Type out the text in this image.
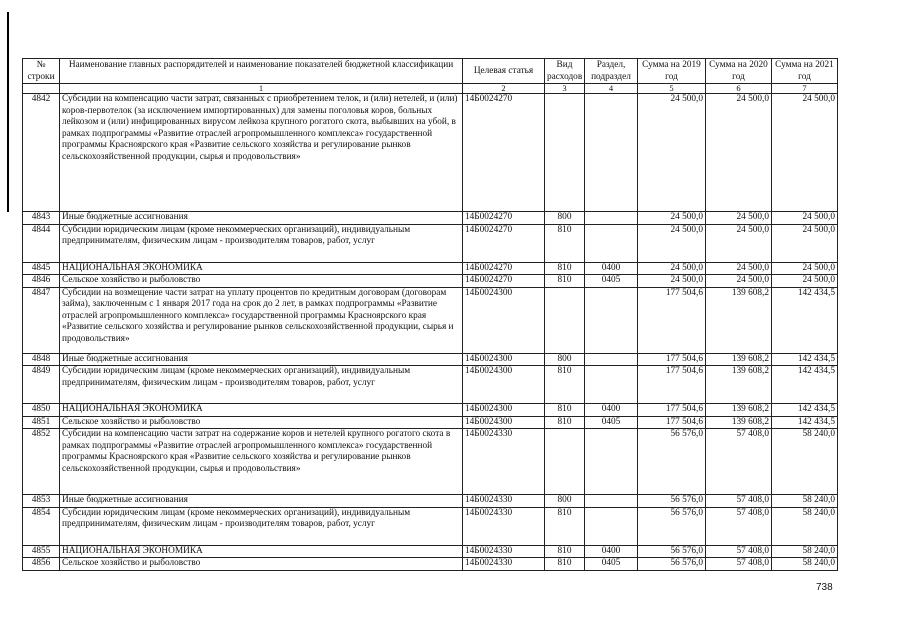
№ строки	Наименование главных распорядителей и наименование показателей бюджетной классификации	Целевая статья	Вид расходов	Раздел, подраздел	Сумма на 2019 год	Сумма на 2020 год	Сумма на 2021 год
	1	2	3	4	5	6	7
4842	Субсидии на компенсацию части затрат, связанных с приобретением телок, и (или) нетелей, и (или) коров-первотелок (за исключением импортированных) для замены поголовья коров, больных лейкозом и (или) инфицированных вирусом лейкоза крупного рогатого скота, выбывших на убой, в рамках подпрограммы «Развитие отраслей агропромышленного комплекса» государственной программы Красноярского края «Развитие сельского хозяйства и регулирование рынков сельскохозяйственной продукции, сырья и продовольствия»	14Б0024270			24 500,0	24 500,0	24 500,0
4843	Иные бюджетные ассигнования	14Б0024270	800		24 500,0	24 500,0	24 500,0
4844	Субсидии юридическим лицам (кроме некоммерческих организаций), индивидуальным предпринимателям, физическим лицам - производителям товаров, работ, услуг	14Б0024270	810		24 500,0	24 500,0	24 500,0
4845	НАЦИОНАЛЬНАЯ ЭКОНОМИКА	14Б0024270	810	0400	24 500,0	24 500,0	24 500,0
4846	Сельское хозяйство и рыболовство	14Б0024270	810	0405	24 500,0	24 500,0	24 500,0
4847	Субсидии на возмещение части затрат на уплату процентов по кредитным договорам (договорам займа), заключенным с 1 января 2017 года на срок до 2 лет, в рамках подпрограммы «Развитие отраслей агропромышленного комплекса» государственной программы Красноярского края «Развитие сельского хозяйства и регулирование рынков сельскохозяйственной продукции, сырья и продовольствия»	14Б0024300			177 504,6	139 608,2	142 434,5
4848	Иные бюджетные ассигнования	14Б0024300	800		177 504,6	139 608,2	142 434,5
4849	Субсидии юридическим лицам (кроме некоммерческих организаций), индивидуальным предпринимателям, физическим лицам - производителям товаров, работ, услуг	14Б0024300	810		177 504,6	139 608,2	142 434,5
4850	НАЦИОНАЛЬНАЯ ЭКОНОМИКА	14Б0024300	810	0400	177 504,6	139 608,2	142 434,5
4851	Сельское хозяйство и рыболовство	14Б0024300	810	0405	177 504,6	139 608,2	142 434,5
4852	Субсидии на компенсацию части затрат на содержание коров и нетелей крупного рогатого скота в рамках подпрограммы «Развитие отраслей агропромышленного комплекса» государственной программы Красноярского края «Развитие сельского хозяйства и регулирование рынков сельскохозяйственной продукции, сырья и продовольствия»	14Б0024330			56 576,0	57 408,0	58 240,0
4853	Иные бюджетные ассигнования	14Б0024330	800		56 576,0	57 408,0	58 240,0
4854	Субсидии юридическим лицам (кроме некоммерческих организаций), индивидуальным предпринимателям, физическим лицам - производителям товаров, работ, услуг	14Б0024330	810		56 576,0	57 408,0	58 240,0
4855	НАЦИОНАЛЬНАЯ ЭКОНОМИКА	14Б0024330	810	0400	56 576,0	57 408,0	58 240,0
4856	Сельское хозяйство и рыболовство	14Б0024330	810	0405	56 576,0	57 408,0	58 240,0
738
